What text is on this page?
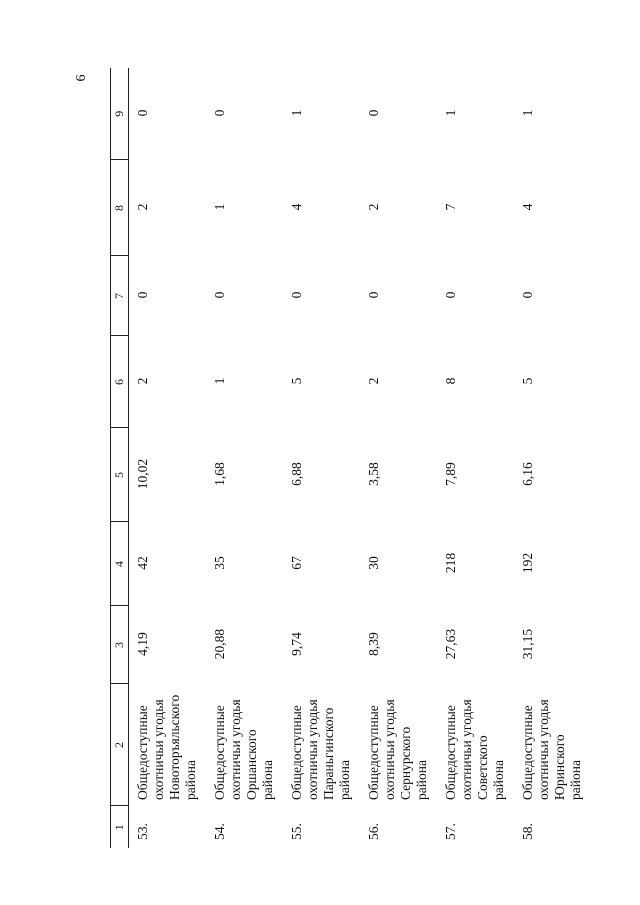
6
1	2	3	4	5	6	7	8	9
53.	Общедоступные охотничьи угодья Новоторъяльского района	4,19	42	10,02	2	0	2	0
54.	Общедоступные охотничьи угодья Оршанского района	20,88	35	1,68	1	0	1	0
55.	Общедоступные охотничьи угодья Параньгинского района	9,74	67	6,88	5	0	4	1
56.	Общедоступные охотничьи угодья Сернурского района	8,39	30	3,58	2	0	2	0
57.	Общедоступные охотничьи угодья Советского района	27,63	218	7,89	8	0	7	1
58.	Общедоступные охотничьи угодья Юринского района	31,15	192	6,16	5	0	4	1
